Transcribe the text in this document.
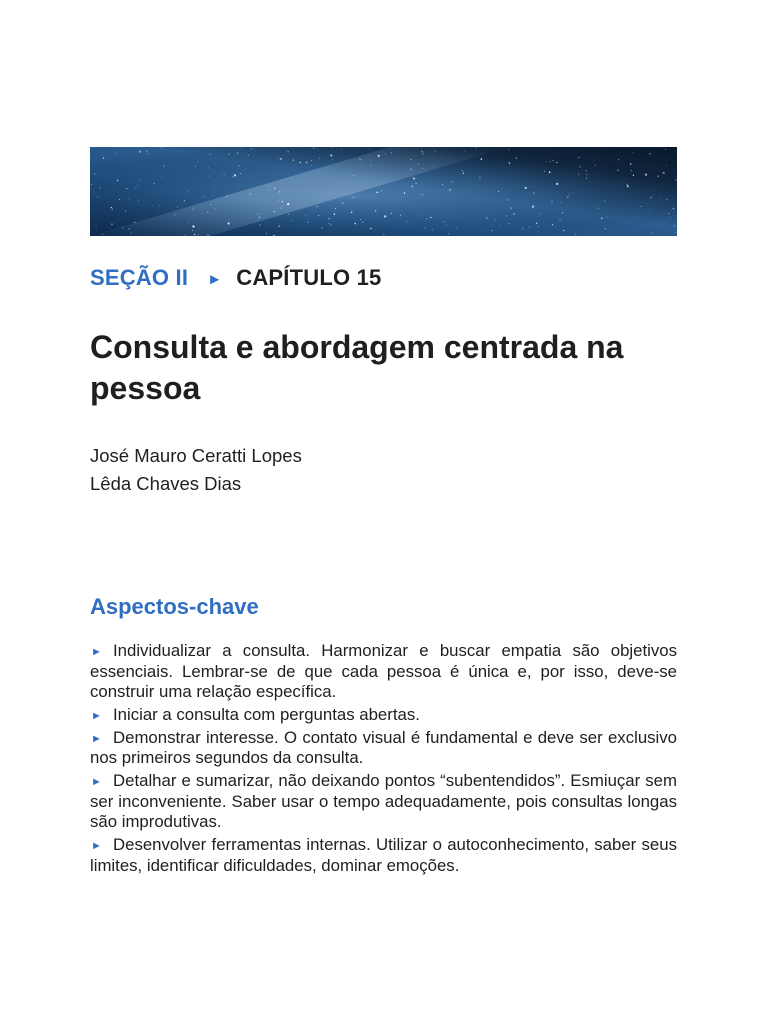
SEÇÃO II ► CAPÍTULO 15
Consulta e abordagem centrada na pessoa
José Mauro Ceratti Lopes
Lêda Chaves Dias
Aspectos-chave
► Individualizar a consulta. Harmonizar e buscar empatia são objetivos essenciais. Lembrar-se de que cada pessoa é única e, por isso, deve-se construir uma relação específica.
► Iniciar a consulta com perguntas abertas.
► Demonstrar interesse. O contato visual é fundamental e deve ser exclusivo nos primeiros segundos da consulta.
► Detalhar e sumarizar, não deixando pontos “subentendidos”. Esmiuçar sem ser inconveniente. Saber usar o tempo adequadamente, pois consultas longas são improdutivas.
► Desenvolver ferramentas internas. Utilizar o autoconhecimento, saber seus limites, identificar dificuldades, dominar emoções.
